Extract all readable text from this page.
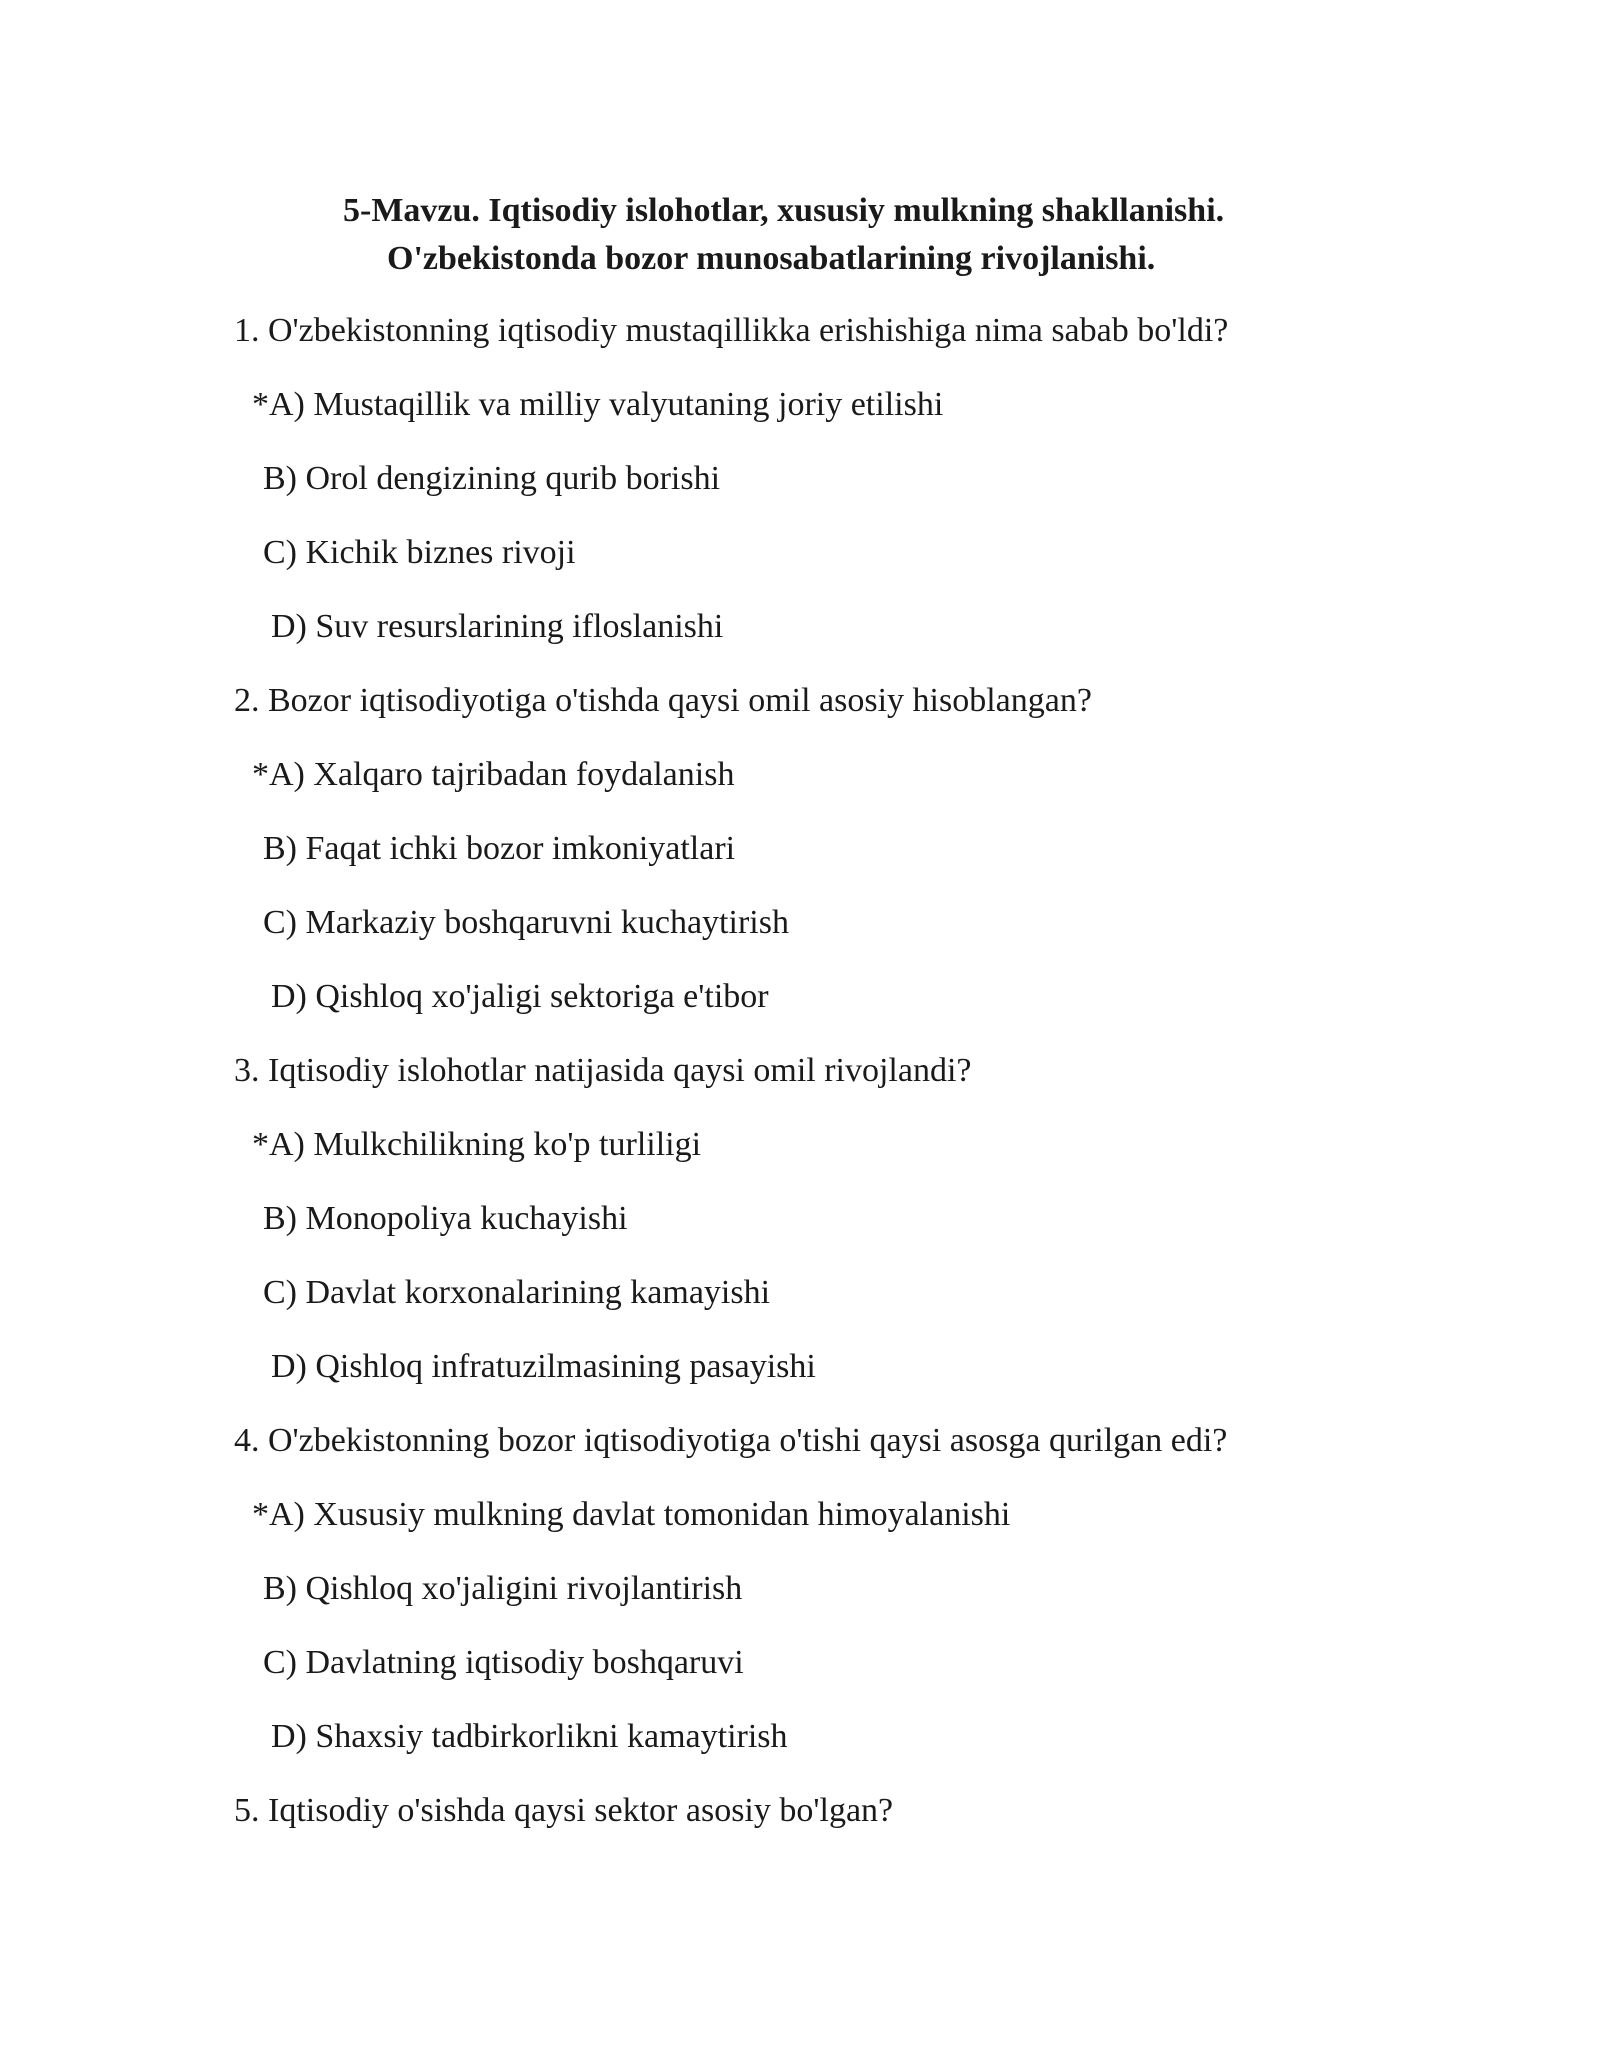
5-Mavzu. Iqtisodiy islohotlar, xususiy mulkning shakllanishi.
O'zbekistonda bozor munosabatlarining rivojlanishi.
1. O'zbekistonning iqtisodiy mustaqillikka erishishiga nima sabab bo'ldi?
*A) Mustaqillik va milliy valyutaning joriy etilishi
B) Orol dengizining qurib borishi
C) Kichik biznes rivoji
D) Suv resurslarining ifloslanishi
2. Bozor iqtisodiyotiga o'tishda qaysi omil asosiy hisoblangan?
*A) Xalqaro tajribadan foydalanish
B) Faqat ichki bozor imkoniyatlari
C) Markaziy boshqaruvni kuchaytirish
D) Qishloq xo'jaligi sektoriga e'tibor
3. Iqtisodiy islohotlar natijasida qaysi omil rivojlandi?
*A) Mulkchilikning ko'p turliligi
B) Monopoliya kuchayishi
C) Davlat korxonalarining kamayishi
D) Qishloq infratuzilmasining pasayishi
4. O'zbekistonning bozor iqtisodiyotiga o'tishi qaysi asosga qurilgan edi?
*A) Xususiy mulkning davlat tomonidan himoyalanishi
B) Qishloq xo'jaligini rivojlantirish
C) Davlatning iqtisodiy boshqaruvi
D) Shaxsiy tadbirkorlikni kamaytirish
5. Iqtisodiy o'sishda qaysi sektor asosiy bo'lgan?
